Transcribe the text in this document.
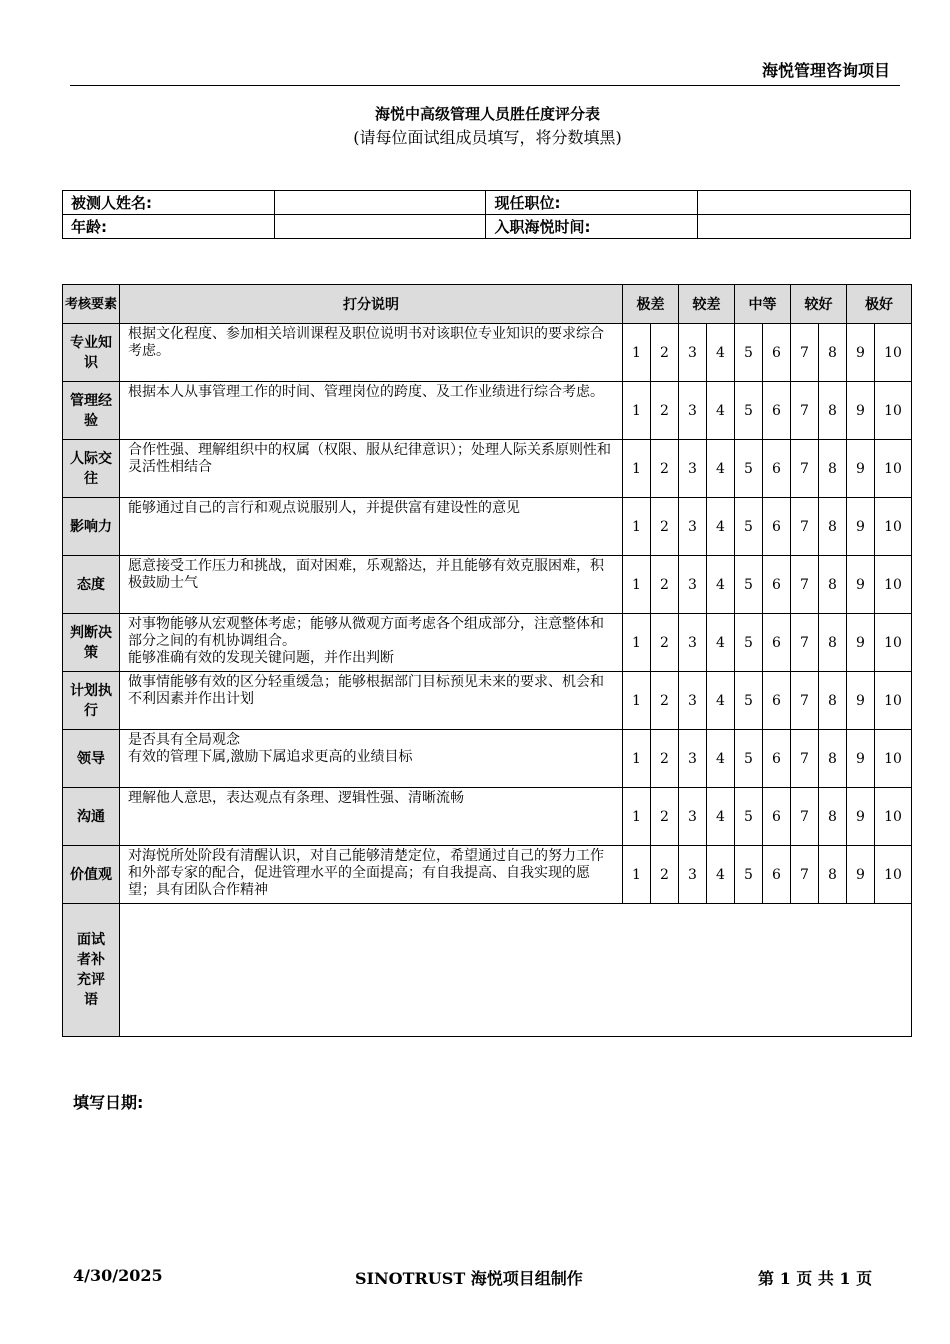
海悦管理咨询项目
海悦中高级管理人员胜任度评分表
(请每位面试组成员填写，将分数填黑)
被测人姓名:		现任职位:	
年龄:		入职海悦时间:	
考核要素	打分说明	极差		较差		中等		较好		极好	
专业知识	根据文化程度、参加相关培训课程及职位说明书对该职位专业知识的要求综合考虑。	1	2	3	4	5	6	7	8	9	10
管理经验	根据本人从事管理工作的时间、管理岗位的跨度、及工作业绩进行综合考虑。	1	2	3	4	5	6	7	8	9	10
人际交往	合作性强、理解组织中的权属（权限、服从纪律意识）；处理人际关系原则性和灵活性相结合	1	2	3	4	5	6	7	8	9	10
影响力	能够通过自己的言行和观点说服别人，并提供富有建设性的意见	1	2	3	4	5	6	7	8	9	10
态度	愿意接受工作压力和挑战，面对困难，乐观豁达，并且能够有效克服困难，积极鼓励士气	1	2	3	4	5	6	7	8	9	10
判断决策	对事物能够从宏观整体考虑；能够从微观方面考虑各个组成部分，注意整体和部分之间的有机协调组合。
能够准确有效的发现关键问题，并作出判断	1	2	3	4	5	6	7	8	9	10
计划执行	做事情能够有效的区分轻重缓急；能够根据部门目标预见未来的要求、机会和不利因素并作出计划	1	2	3	4	5	6	7	8	9	10
领导	是否具有全局观念
有效的管理下属,激励下属追求更高的业绩目标	1	2	3	4	5	6	7	8	9	10
沟通	理解他人意思，表达观点有条理、逻辑性强、清晰流畅	1	2	3	4	5	6	7	8	9	10
价值观	对海悦所处阶段有清醒认识，对自己能够清楚定位，希望通过自己的努力工作和外部专家的配合，促进管理水平的全面提高；有自我提高、自我实现的愿望；具有团队合作精神	1	2	3	4	5	6	7	8	9	10
面试者补充评语											
填写日期:
4/30/2025	SINOTRUST 海悦项目组制作	第 1 页 共 1 页
